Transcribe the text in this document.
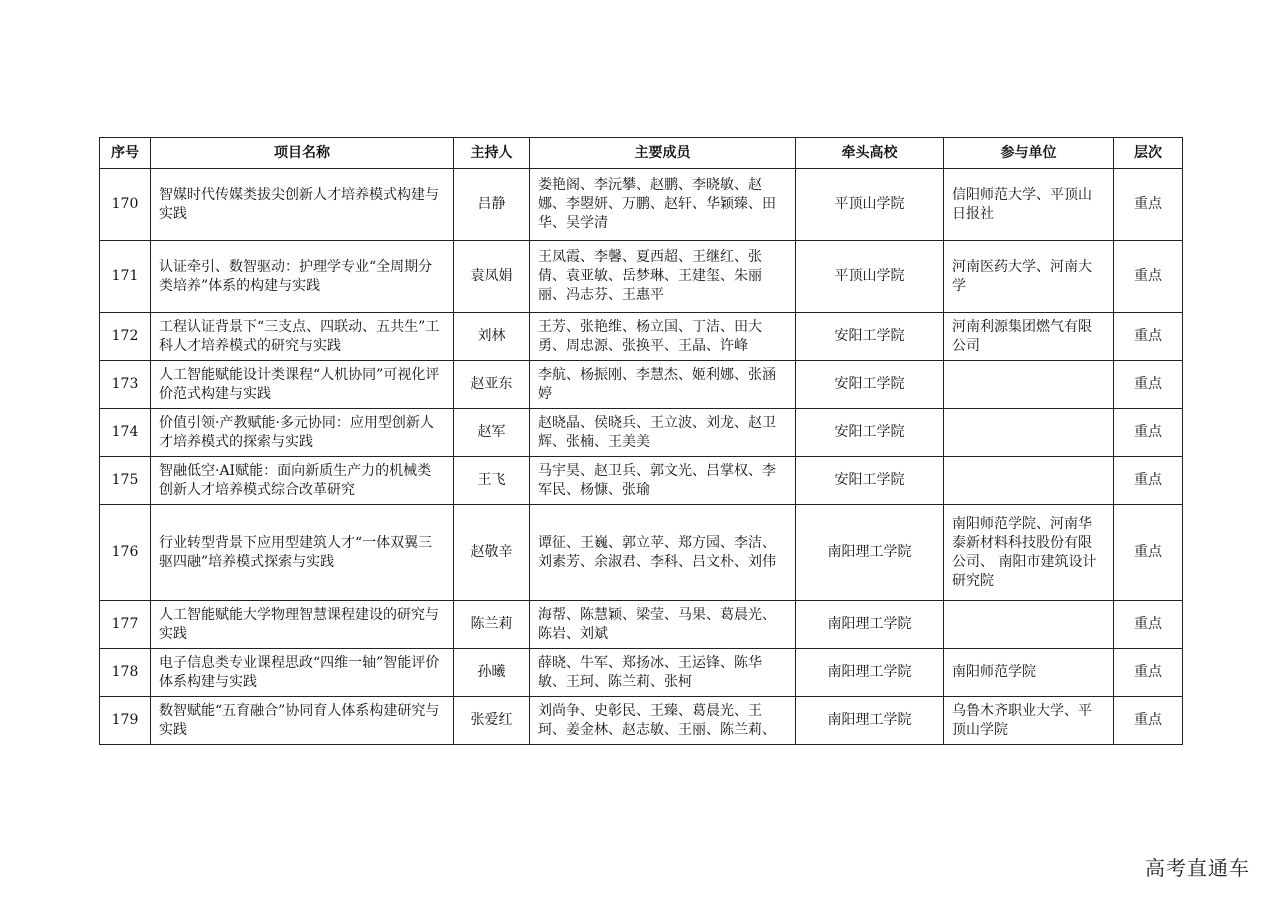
序号	项目名称	主持人	主要成员	牵头高校	参与单位	层次
170	智媒时代传媒类拔尖创新人才培养模式构建与实践	吕静	娄艳阁、李沅攀、赵鹏、李晓敏、赵娜、李曌妍、万鹏、赵轩、华颖臻、田华、吴学清	平顶山学院	信阳师范大学、平顶山日报社	重点
171	认证牵引、数智驱动：护理学专业“全周期分类培养”体系的构建与实践	袁凤娟	王凤霞、李馨、夏西超、王继红、张倩、袁亚敏、岳梦琳、王建玺、朱丽丽、冯志芬、王惠平	平顶山学院	河南医药大学、河南大学	重点
172	工程认证背景下“三支点、四联动、五共生”工科人才培养模式的研究与实践	刘林	王芳、张艳维、杨立国、丁洁、田大勇、周忠源、张换平、王晶、许峰	安阳工学院	河南利源集团燃气有限公司	重点
173	人工智能赋能设计类课程“人机协同”可视化评价范式构建与实践	赵亚东	李航、杨振刚、李慧杰、姬利娜、张涵婷	安阳工学院		重点
174	价值引领·产教赋能·多元协同：应用型创新人才培养模式的探索与实践	赵军	赵晓晶、侯晓兵、王立波、刘龙、赵卫辉、张楠、王美美	安阳工学院		重点
175	智融低空·AI赋能：面向新质生产力的机械类创新人才培养模式综合改革研究	王飞	马宇昊、赵卫兵、郭文光、吕掌权、李军民、杨慷、张瑜	安阳工学院		重点
176	行业转型背景下应用型建筑人才“一体双翼三驱四融”培养模式探索与实践	赵敬辛	谭征、王巍、郭立苹、郑方园、李洁、刘素芳、余淑君、李科、吕文朴、刘伟	南阳理工学院	南阳师范学院、河南华泰新材料科技股份有限公司、 南阳市建筑设计研究院	重点
177	人工智能赋能大学物理智慧课程建设的研究与实践	陈兰莉	海帮、陈慧颖、梁莹、马果、葛晨光、陈岩、刘斌	南阳理工学院		重点
178	电子信息类专业课程思政“四维一轴”智能评价体系构建与实践	孙曦	薛晓、牛军、郑扬冰、王运锋、陈华敏、王珂、陈兰莉、张柯	南阳理工学院	南阳师范学院	重点
179	数智赋能“五育融合”协同育人体系构建研究与实践	张爱红	刘尚争、史彰民、王臻、葛晨光、王珂、姜金林、赵志敏、王丽、陈兰莉、	南阳理工学院	乌鲁木齐职业大学、平顶山学院	重点
高考直通车
